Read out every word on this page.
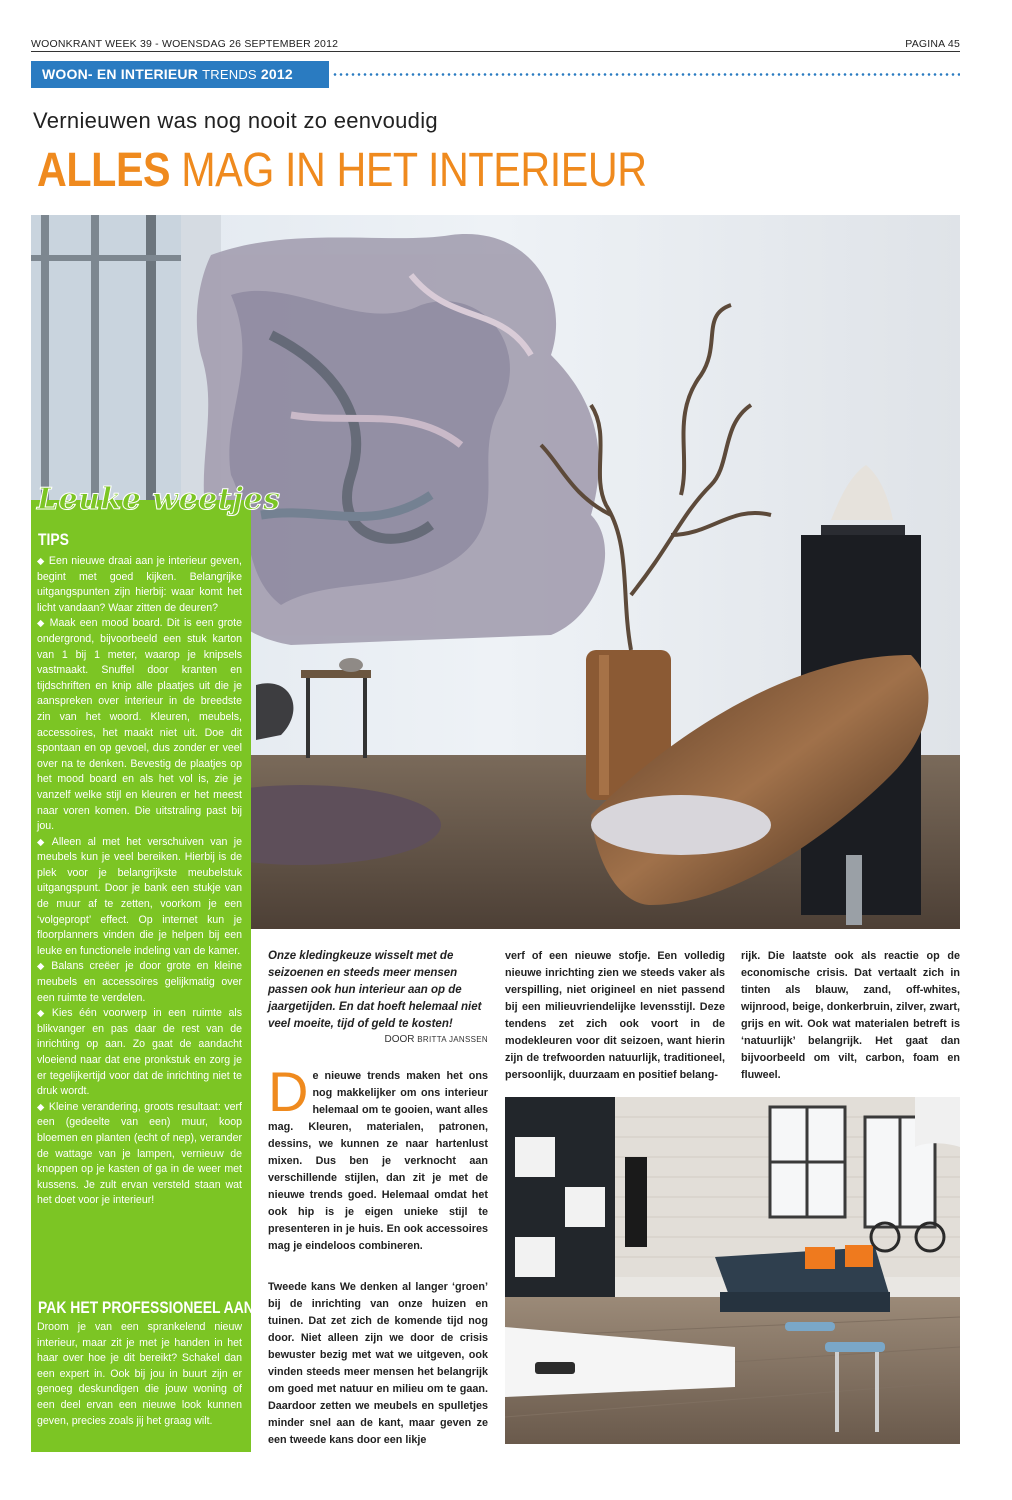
WOONKRANT WEEK 39 - WOENSDAG 26 SEPTEMBER 2012	PAGINA 45
WOON- EN INTERIEUR TRENDS 2012
Vernieuwen was nog nooit zo eenvoudig
ALLES MAG IN HET INTERIEUR
Leuke weetjes
TIPS

◆ Een nieuwe draai aan je interieur geven, begint met goed kijken. Belangrijke uitgangspunten zijn hierbij: waar komt het licht vandaan? Waar zitten de deuren?

◆ Maak een mood board. Dit is een grote ondergrond, bijvoorbeeld een stuk karton van 1 bij 1 meter, waarop je knipsels vastmaakt. Snuffel door kranten en tijdschriften en knip alle plaatjes uit die je aanspreken over interieur in de breedste zin van het woord. Kleuren, meubels, accessoires, het maakt niet uit. Doe dit spontaan en op gevoel, dus zonder er veel over na te denken. Bevestig de plaatjes op het mood board en als het vol is, zie je vanzelf welke stijl en kleuren er het meest naar voren komen. Die uitstraling past bij jou.

◆ Alleen al met het verschuiven van je meubels kun je veel bereiken. Hierbij is de plek voor je belangrijkste meubelstuk uitgangspunt. Door je bank een stukje van de muur af te zetten, voorkom je een ‘volgepropt’ effect. Op internet kun je floorplanners vinden die je helpen bij een leuke en functionele indeling van de kamer.

◆ Balans creëer je door grote en kleine meubels en accessoires gelijkmatig over een ruimte te verdelen.

◆ Kies één voorwerp in een ruimte als blikvanger en pas daar de rest van de inrichting op aan. Zo gaat de aandacht vloeiend naar dat ene pronkstuk en zorg je er tegelijkertijd voor dat de inrichting niet te druk wordt.

◆ Kleine verandering, groots resultaat: verf een (gedeelte van een) muur, koop bloemen en planten (echt of nep), verander de wattage van je lampen, vernieuw de knoppen op je kasten of ga in de weer met kussens. Je zult ervan versteld staan wat het doet voor je interieur!

PAK HET PROFESSIONEEL AAN
Droom je van een sprankelend nieuw interieur, maar zit je met je handen in het haar over hoe je dit bereikt? Schakel dan een expert in. Ook bij jou in buurt zijn er genoeg deskundigen die jouw woning of een deel ervan een nieuwe look kunnen geven, precies zoals jij het graag wilt.
Onze kledingkeuze wisselt met de seizoenen en steeds meer mensen passen ook hun interieur aan op de jaargetijden. En dat hoeft helemaal niet veel moeite, tijd of geld te kosten!
DOOR BRITTA JANSSEN
De nieuwe trends maken het ons nog makkelijker om ons interieur helemaal om te gooien, want alles mag. Kleuren, materialen, patronen, dessins, we kunnen ze naar hartenlust mixen. Dus ben je verknocht aan verschillende stijlen, dan zit je met de nieuwe trends goed. Helemaal omdat het ook hip is je eigen unieke stijl te presenteren in je huis. En ook accessoires mag je eindeloos combineren.
Tweede kans We denken al langer ‘groen’ bij de inrichting van onze huizen en tuinen. Dat zet zich de komende tijd nog door. Niet alleen zijn we door de crisis bewuster bezig met wat we uitgeven, ook vinden steeds meer mensen het belangrijk om goed met natuur en milieu om te gaan. Daardoor zetten we meubels en spulletjes minder snel aan de kant, maar geven ze een tweede kans door een likje
verf of een nieuwe stofje. Een volledig nieuwe inrichting zien we steeds vaker als verspilling, niet origineel en niet passend bij een milieuvriendelijke levensstijl. Deze tendens zet zich ook voort in de modekleuren voor dit seizoen, want hierin zijn de trefwoorden natuurlijk, traditioneel, persoonlijk, duurzaam en positief belang-
rijk. Die laatste ook als reactie op de economische crisis. Dat vertaalt zich in tinten als blauw, zand, off-whites, wijnrood, beige, donkerbruin, zilver, zwart, grijs en wit. Ook wat materialen betreft is ‘natuurlijk’ belangrijk. Het gaat dan bijvoorbeeld om vilt, carbon, foam en fluweel.
